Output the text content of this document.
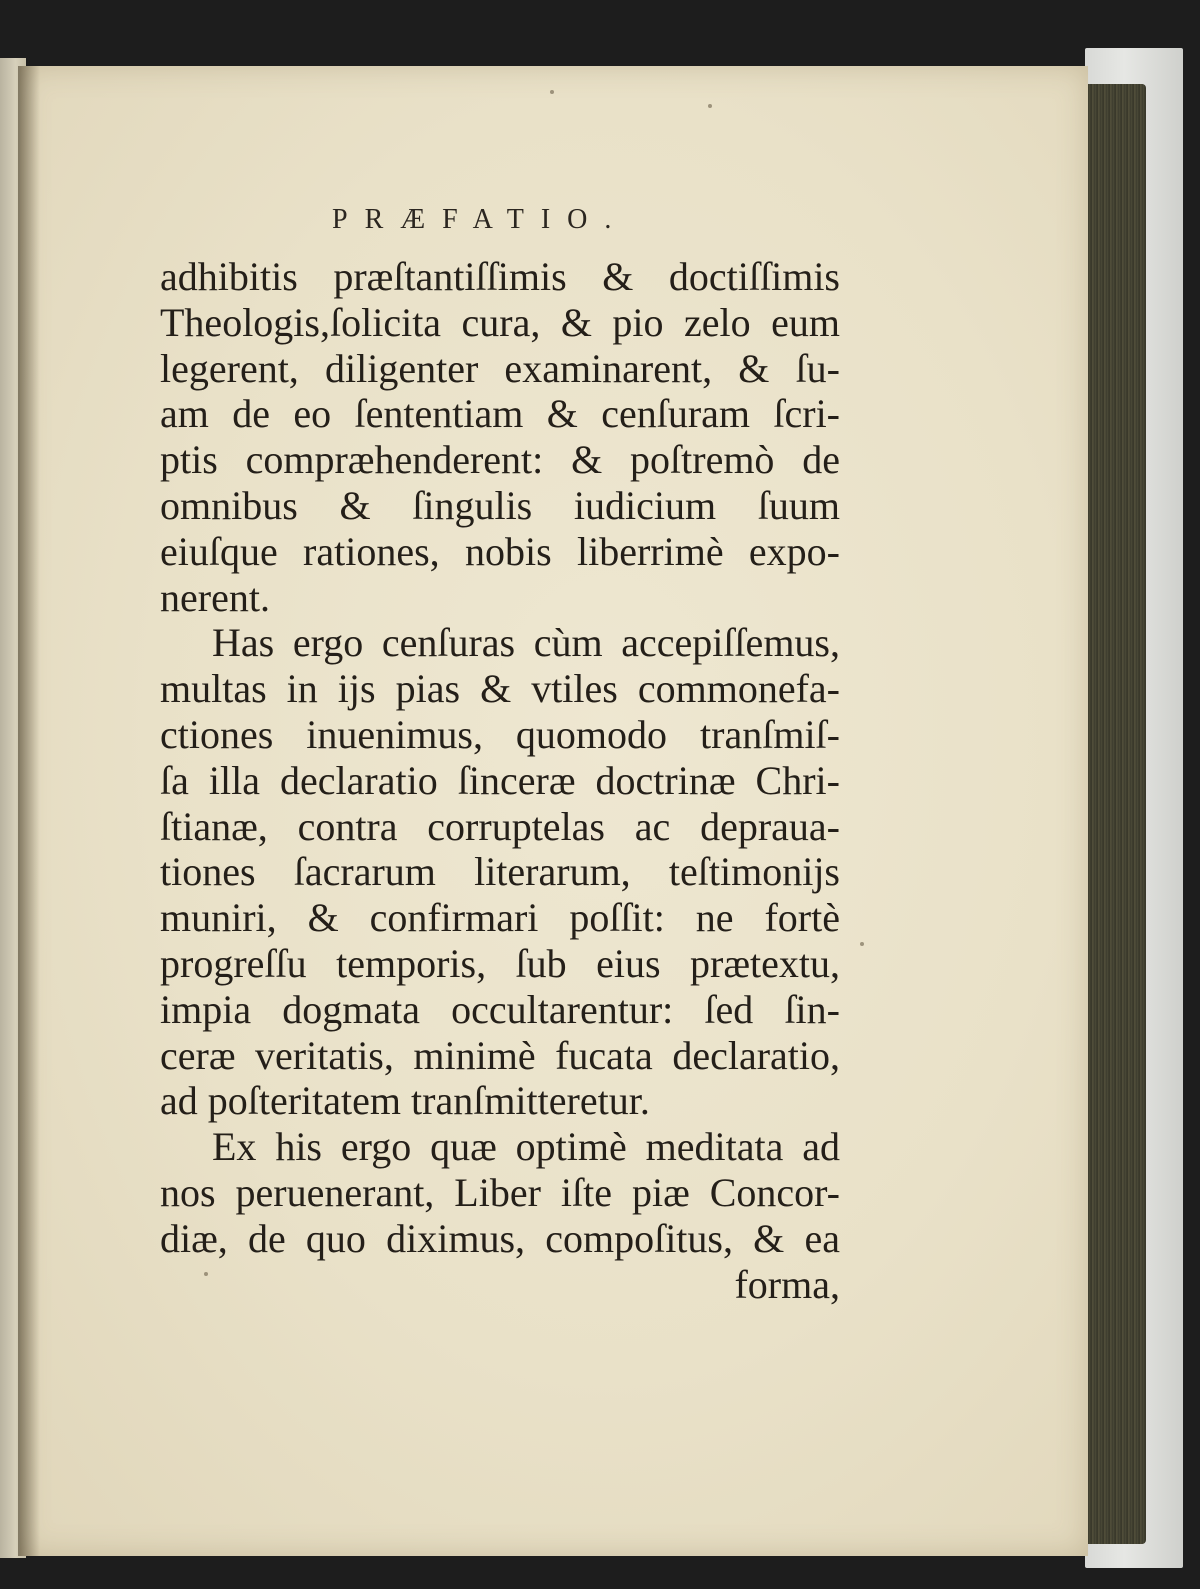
PRÆFATIO.
adhibitis præſtantiſſimis & doctiſſimis
Theologis,ſolicita cura, & pio zelo eum
legerent, diligenter examinarent, & ſu-
am de eo ſententiam & cenſuram ſcri-
ptis compræhenderent: & poſtremò de
omnibus & ſingulis iudicium ſuum
eiuſque rationes, nobis liberrimè expo-
nerent.
Has ergo cenſuras cùm accepiſſemus,
multas in ijs pias & vtiles commonefa-
ctiones inuenimus, quomodo tranſmiſ-
ſa illa declaratio ſinceræ doctrinæ Chri-
ſtianæ, contra corruptelas ac deprauа-
tiones ſacrarum literarum, teſtimonijs
muniri, & confirmari poſſit: ne fortè
progreſſu temporis, ſub eius prætextu,
impia dogmata occultarentur: ſed ſin-
ceræ veritatis, minimè fucata declaratio,
ad poſteritatem tranſmitteretur.
Ex his ergo quæ optimè meditata ad
nos peruenerant, Liber iſte piæ Concor-
diæ, de quo diximus, compoſitus, & ea
forma,
